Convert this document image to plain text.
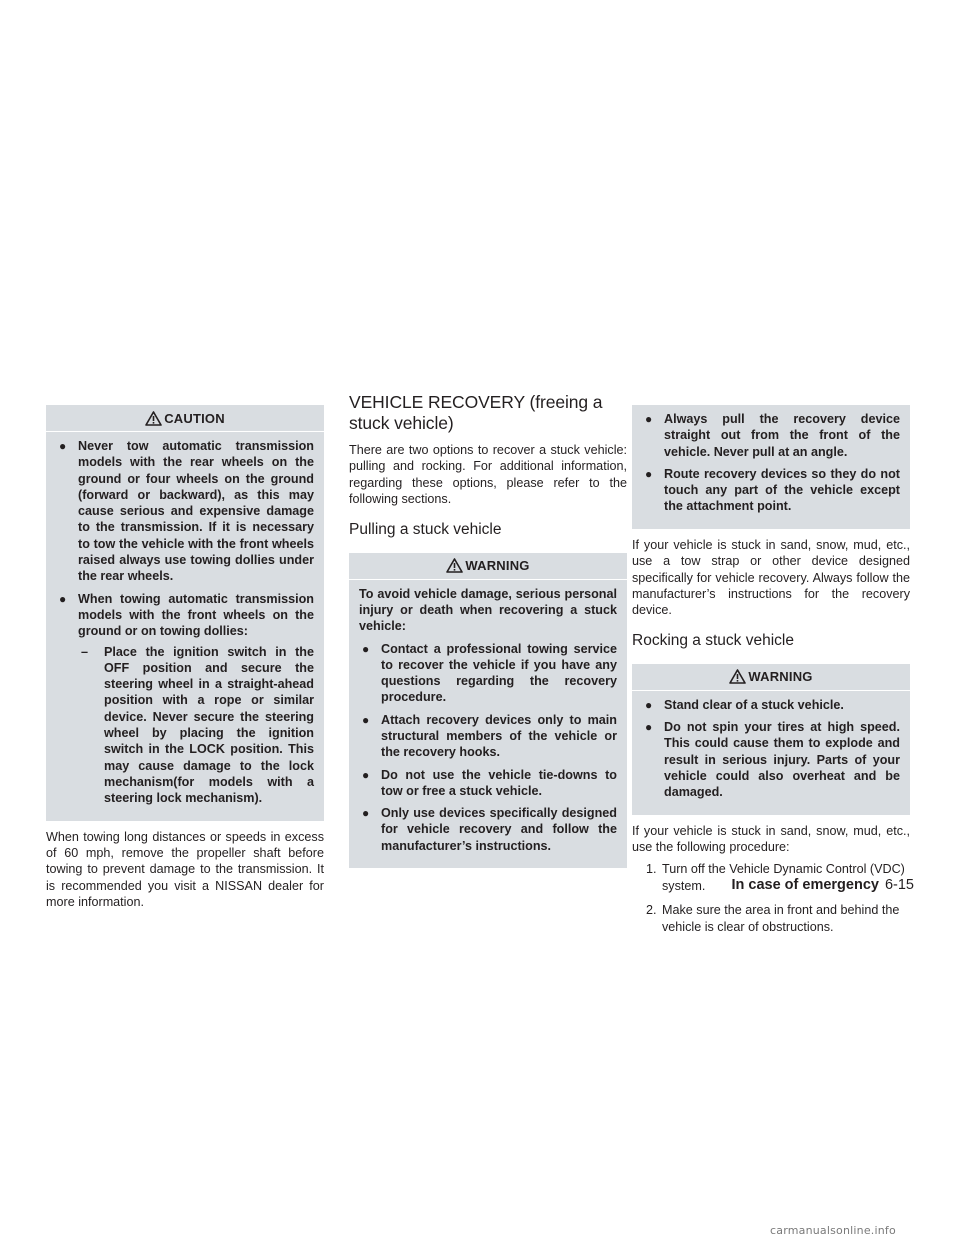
CAUTION
● Never tow automatic transmission models with the rear wheels on the ground or four wheels on the ground (forward or backward), as this may cause serious and expensive damage to the transmission. If it is necessary to tow the vehicle with the front wheels raised always use towing dollies under the rear wheels.
● When towing automatic transmission models with the front wheels on the ground or on towing dollies:
– Place the ignition switch in the OFF position and secure the steering wheel in a straight-ahead position with a rope or similar device. Never secure the steering wheel by placing the ignition switch in the LOCK position. This may cause damage to the lock mechanism(for models with a steering lock mechanism).

When towing long distances or speeds in excess of 60 mph, remove the propeller shaft before towing to prevent damage to the transmission. It is recommended you visit a NISSAN dealer for more information.

VEHICLE RECOVERY (freeing a stuck vehicle)

There are two options to recover a stuck vehicle: pulling and rocking. For additional information, regarding these options, please refer to the following sections.

Pulling a stuck vehicle
WARNING

To avoid vehicle damage, serious personal injury or death when recovering a stuck vehicle:

● Contact a professional towing service to recover the vehicle if you have any questions regarding the recovery procedure.
● Attach recovery devices only to main structural members of the vehicle or the recovery hooks.
● Do not use the vehicle tie-downs to tow or free a stuck vehicle.
● Only use devices specifically designed for vehicle recovery and follow the manufacturer’s instructions.
● Always pull the recovery device straight out from the front of the vehicle. Never pull at an angle.
● Route recovery devices so they do not touch any part of the vehicle except the attachment point.

If your vehicle is stuck in sand, snow, mud, etc., use a tow strap or other device designed specifically for vehicle recovery. Always follow the manufacturer’s instructions for the recovery device.

Rocking a stuck vehicle
WARNING
● Stand clear of a stuck vehicle.
● Do not spin your tires at high speed. This could cause them to explode and result in serious injury. Parts of your vehicle could also overheat and be damaged.

If your vehicle is stuck in sand, snow, mud, etc., use the following procedure:

1. Turn off the Vehicle Dynamic Control (VDC) system.
2. Make sure the area in front and behind the vehicle is clear of obstructions.
In case of emergency 6-15
carmanualsonline.info
